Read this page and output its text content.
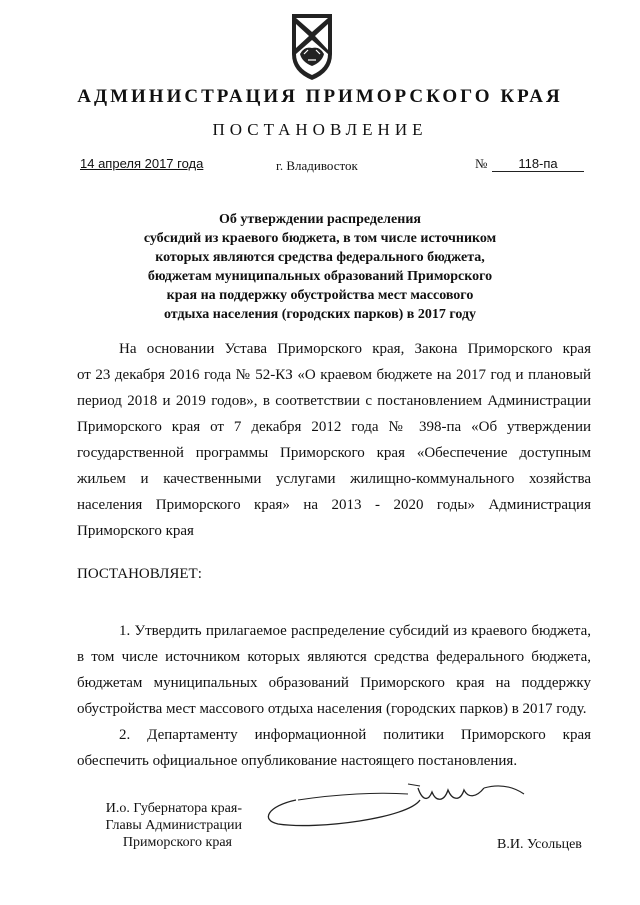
АДМИНИСТРАЦИЯ ПРИМОРСКОГО КРАЯ
ПОСТАНОВЛЕНИЕ
14 апреля 2017 года	г. Владивосток	№	118-па
Об утверждении распределения
субсидий из краевого бюджета, в том числе источником
которых являются средства федерального бюджета,
бюджетам муниципальных образований Приморского
края на поддержку обустройства мест массового
отдыха населения (городских парков) в 2017 году
На основании Устава Приморского края, Закона Приморского края
от 23 декабря 2016 года № 52-КЗ «О краевом бюджете на 2017 год и плановый
период 2018 и 2019 годов», в соответствии с постановлением Администрации
Приморского края от 7 декабря 2012 года № 398-па «Об утверждении
государственной программы Приморского края «Обеспечение доступным
жильем и качественными услугами жилищно-коммунального хозяйства
населения Приморского края» на 2013 - 2020 годы» Администрация
Приморского края
ПОСТАНОВЛЯЕТ:
1. Утвердить прилагаемое распределение субсидий из краевого бюджета,
в том числе источником которых являются средства федерального бюджета,
бюджетам муниципальных образований Приморского края на поддержку
обустройства мест массового отдыха населения (городских парков) в 2017 году.
2. Департаменту информационной политики Приморского края
обеспечить официальное опубликование настоящего постановления.
И.о. Губернатора края-
Главы Администрации
Приморского края	В.И. Усольцев
